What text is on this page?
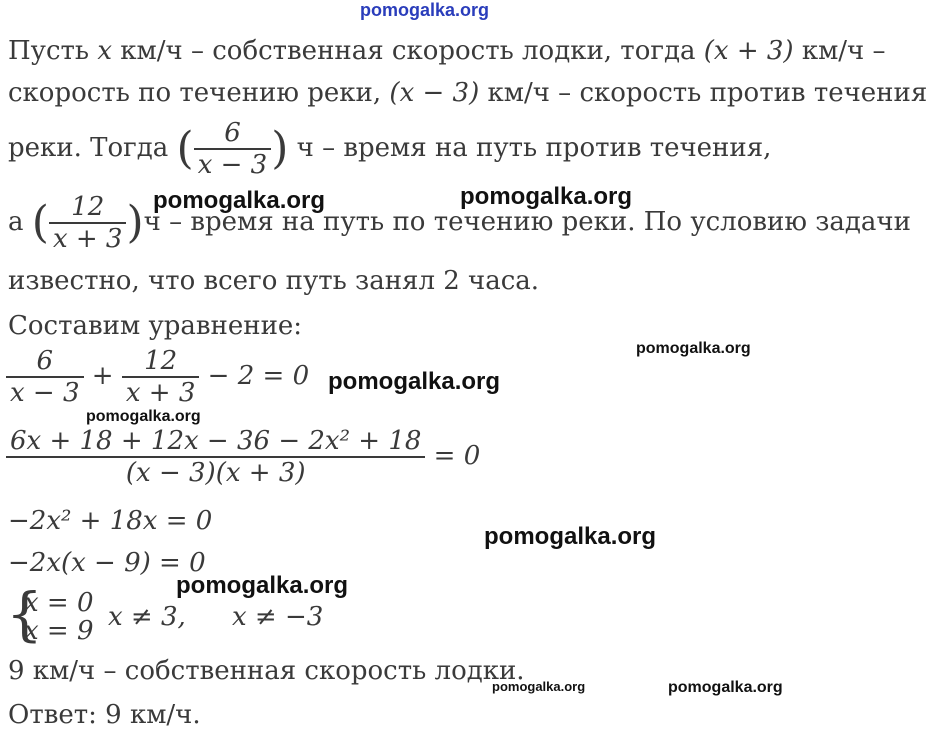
pomogalka.org
Пусть x км/ч – собственная скорость лодки, тогда (x + 3) км/ч –
скорость по течению реки, (x − 3) км/ч – скорость против течения
реки. Тогда ( $\frac{6}{x - 3}$ ) ч – время на путь против течения,
а ( $\frac{12}{x + 3} )ч$ – время на путь по течению реки. По условию задачи
известно, что всего путь занял 2 часа.
Составим уравнение:
$\frac{6}{x - 3} + \frac{12}{x + 3} - 2 = 0$
$\frac{\text{6x + 18 + 12x − 36 − 2x² + 18}}{(x - 3)(x + 3)} = 0$
−2x² + 18x = 0
−2x(x − 9) = 0
{
x = 0
x = 9 x ≠ 3, x ≠ −3
9 км/ч – собственная скорость лодки.
Ответ: 9 км/ч.
pomogalka.org	pomogalka.org
pomogalka.org
pomogalka.org
pomogalka.org
pomogalka.org
pomogalka.org
pomogalka.org	pomogalka.org
